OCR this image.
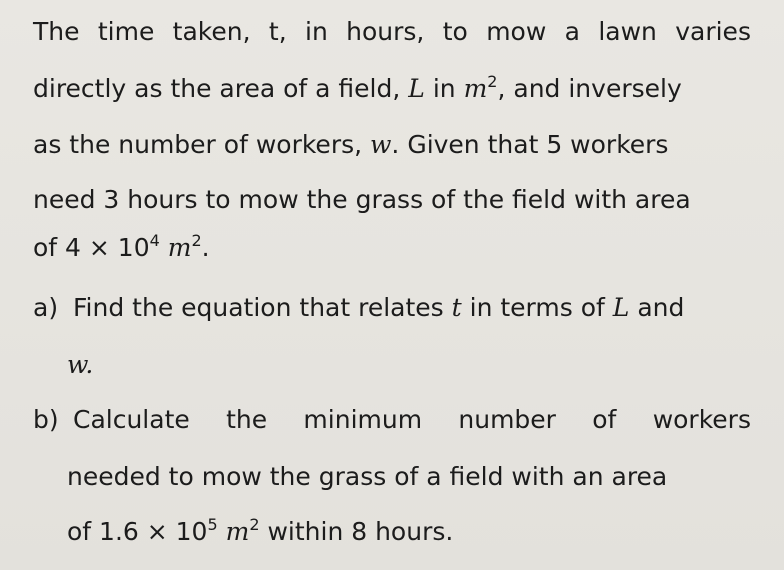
The time taken, t, in hours, to mow a lawn varies
directly as the area of a field, L in $m^2$, and inversely
as the number of workers, w. Given that 5 workers
need 3 hours to mow the grass of the field with area
of $4 \times 10^4$ $m^2$.
a) Find the equation that relates t in terms of L and
w.
b) Calculate the minimum number of workers
needed to mow the grass of a field with an area
of $1.6 \times 10^5$ $m^2$ within 8 hours.
